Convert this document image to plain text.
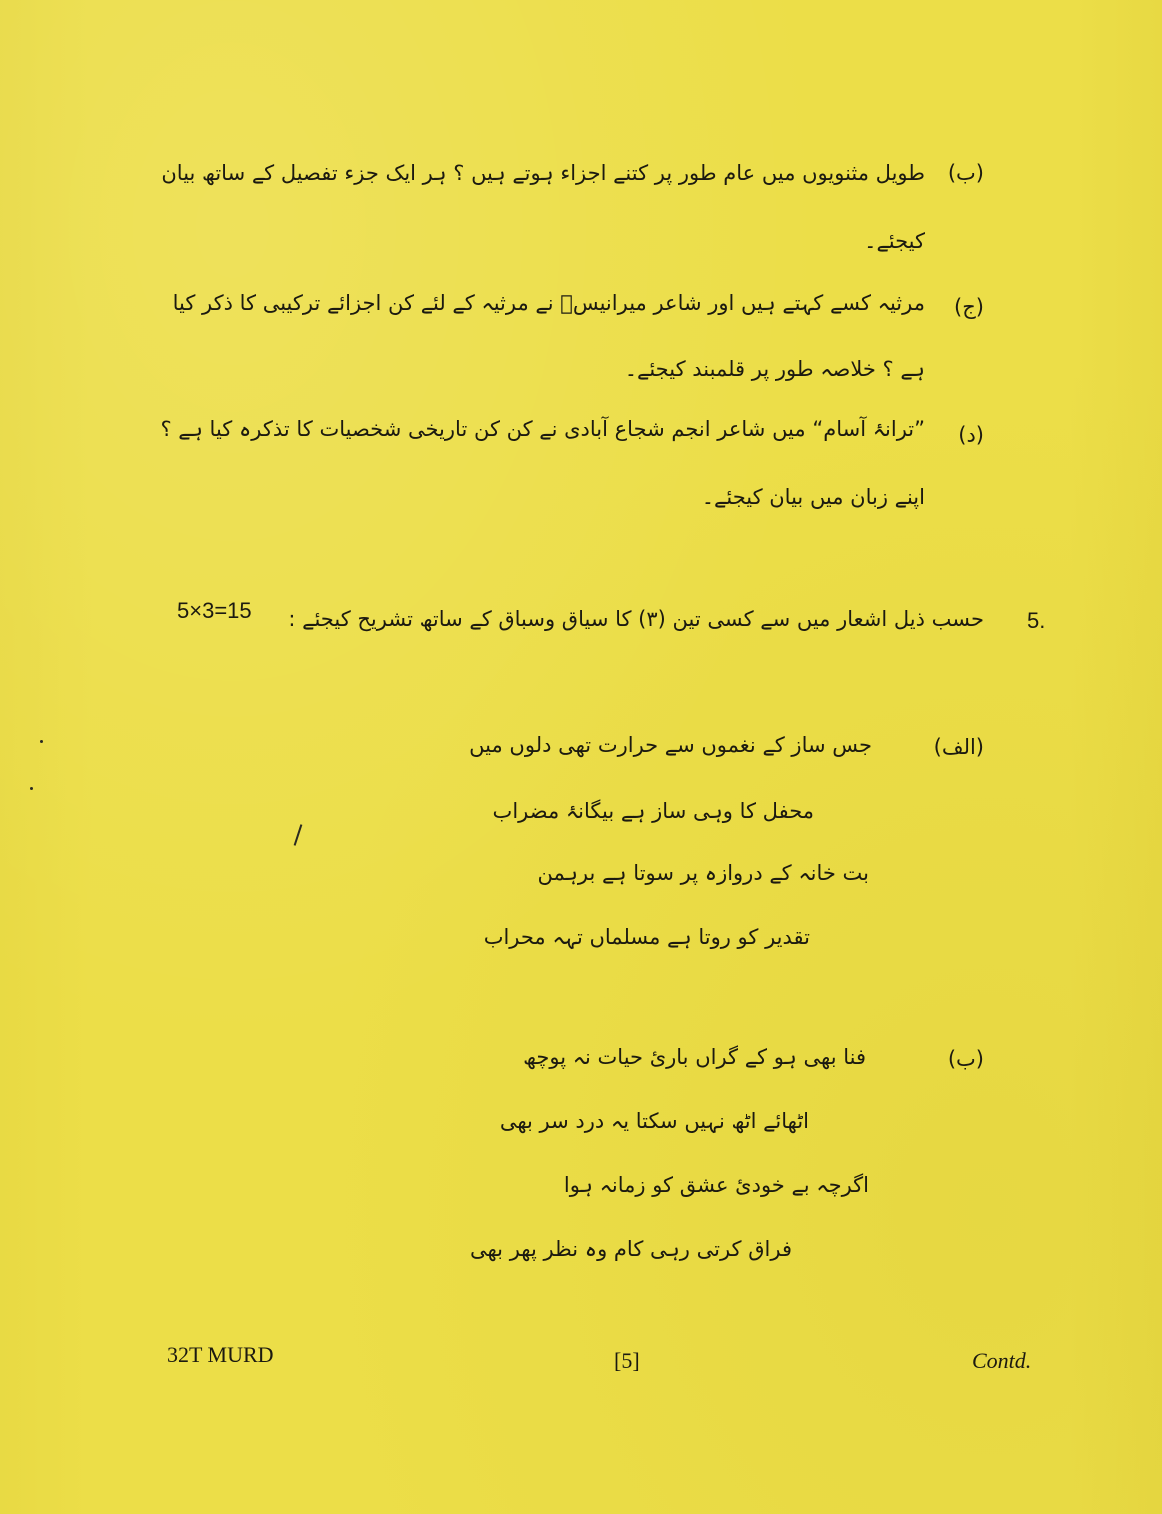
(ب)
طویل مثنویوں میں عام طور پر کتنے اجزاء ہوتے ہیں ؟ ہر ایک جزء تفصیل کے ساتھ بیان
کیجئے۔
(ج)
مرثیہ کسے کہتے ہیں اور شاعر میرانیسؔ نے مرثیہ کے لئے کن اجزائے ترکیبی کا ذکر کیا
ہے ؟ خلاصہ طور پر قلمبند کیجئے۔
(د)
”ترانۂ آسام“ میں شاعر انجم شجاع آبادی نے کن کن تاریخی شخصیات کا تذکرہ کیا ہے ؟
اپنے زبان میں بیان کیجئے۔
5.
حسب ذیل اشعار میں سے کسی تین (۳) کا سیاق وسباق کے ساتھ تشریح کیجئے :
5×3=15
(الف)
جس ساز کے نغموں سے حرارت تھی دلوں میں
محفل کا وہی ساز ہے بیگانۂ مضراب
بت خانہ کے دروازہ پر سوتا ہے برہمن
تقدیر کو روتا ہے مسلماں تہہ محراب
(ب)
فنا بھی ہو کے گراں باریٔ حیات نہ پوچھ
اٹھائے اٹھ نہیں سکتا یہ درد سر بھی
اگرچہ بے خودیٔ عشق کو زمانہ ہوا
فراق کرتی رہی کام وہ نظر پھر بھی
32T MURD	[5]	Contd.
